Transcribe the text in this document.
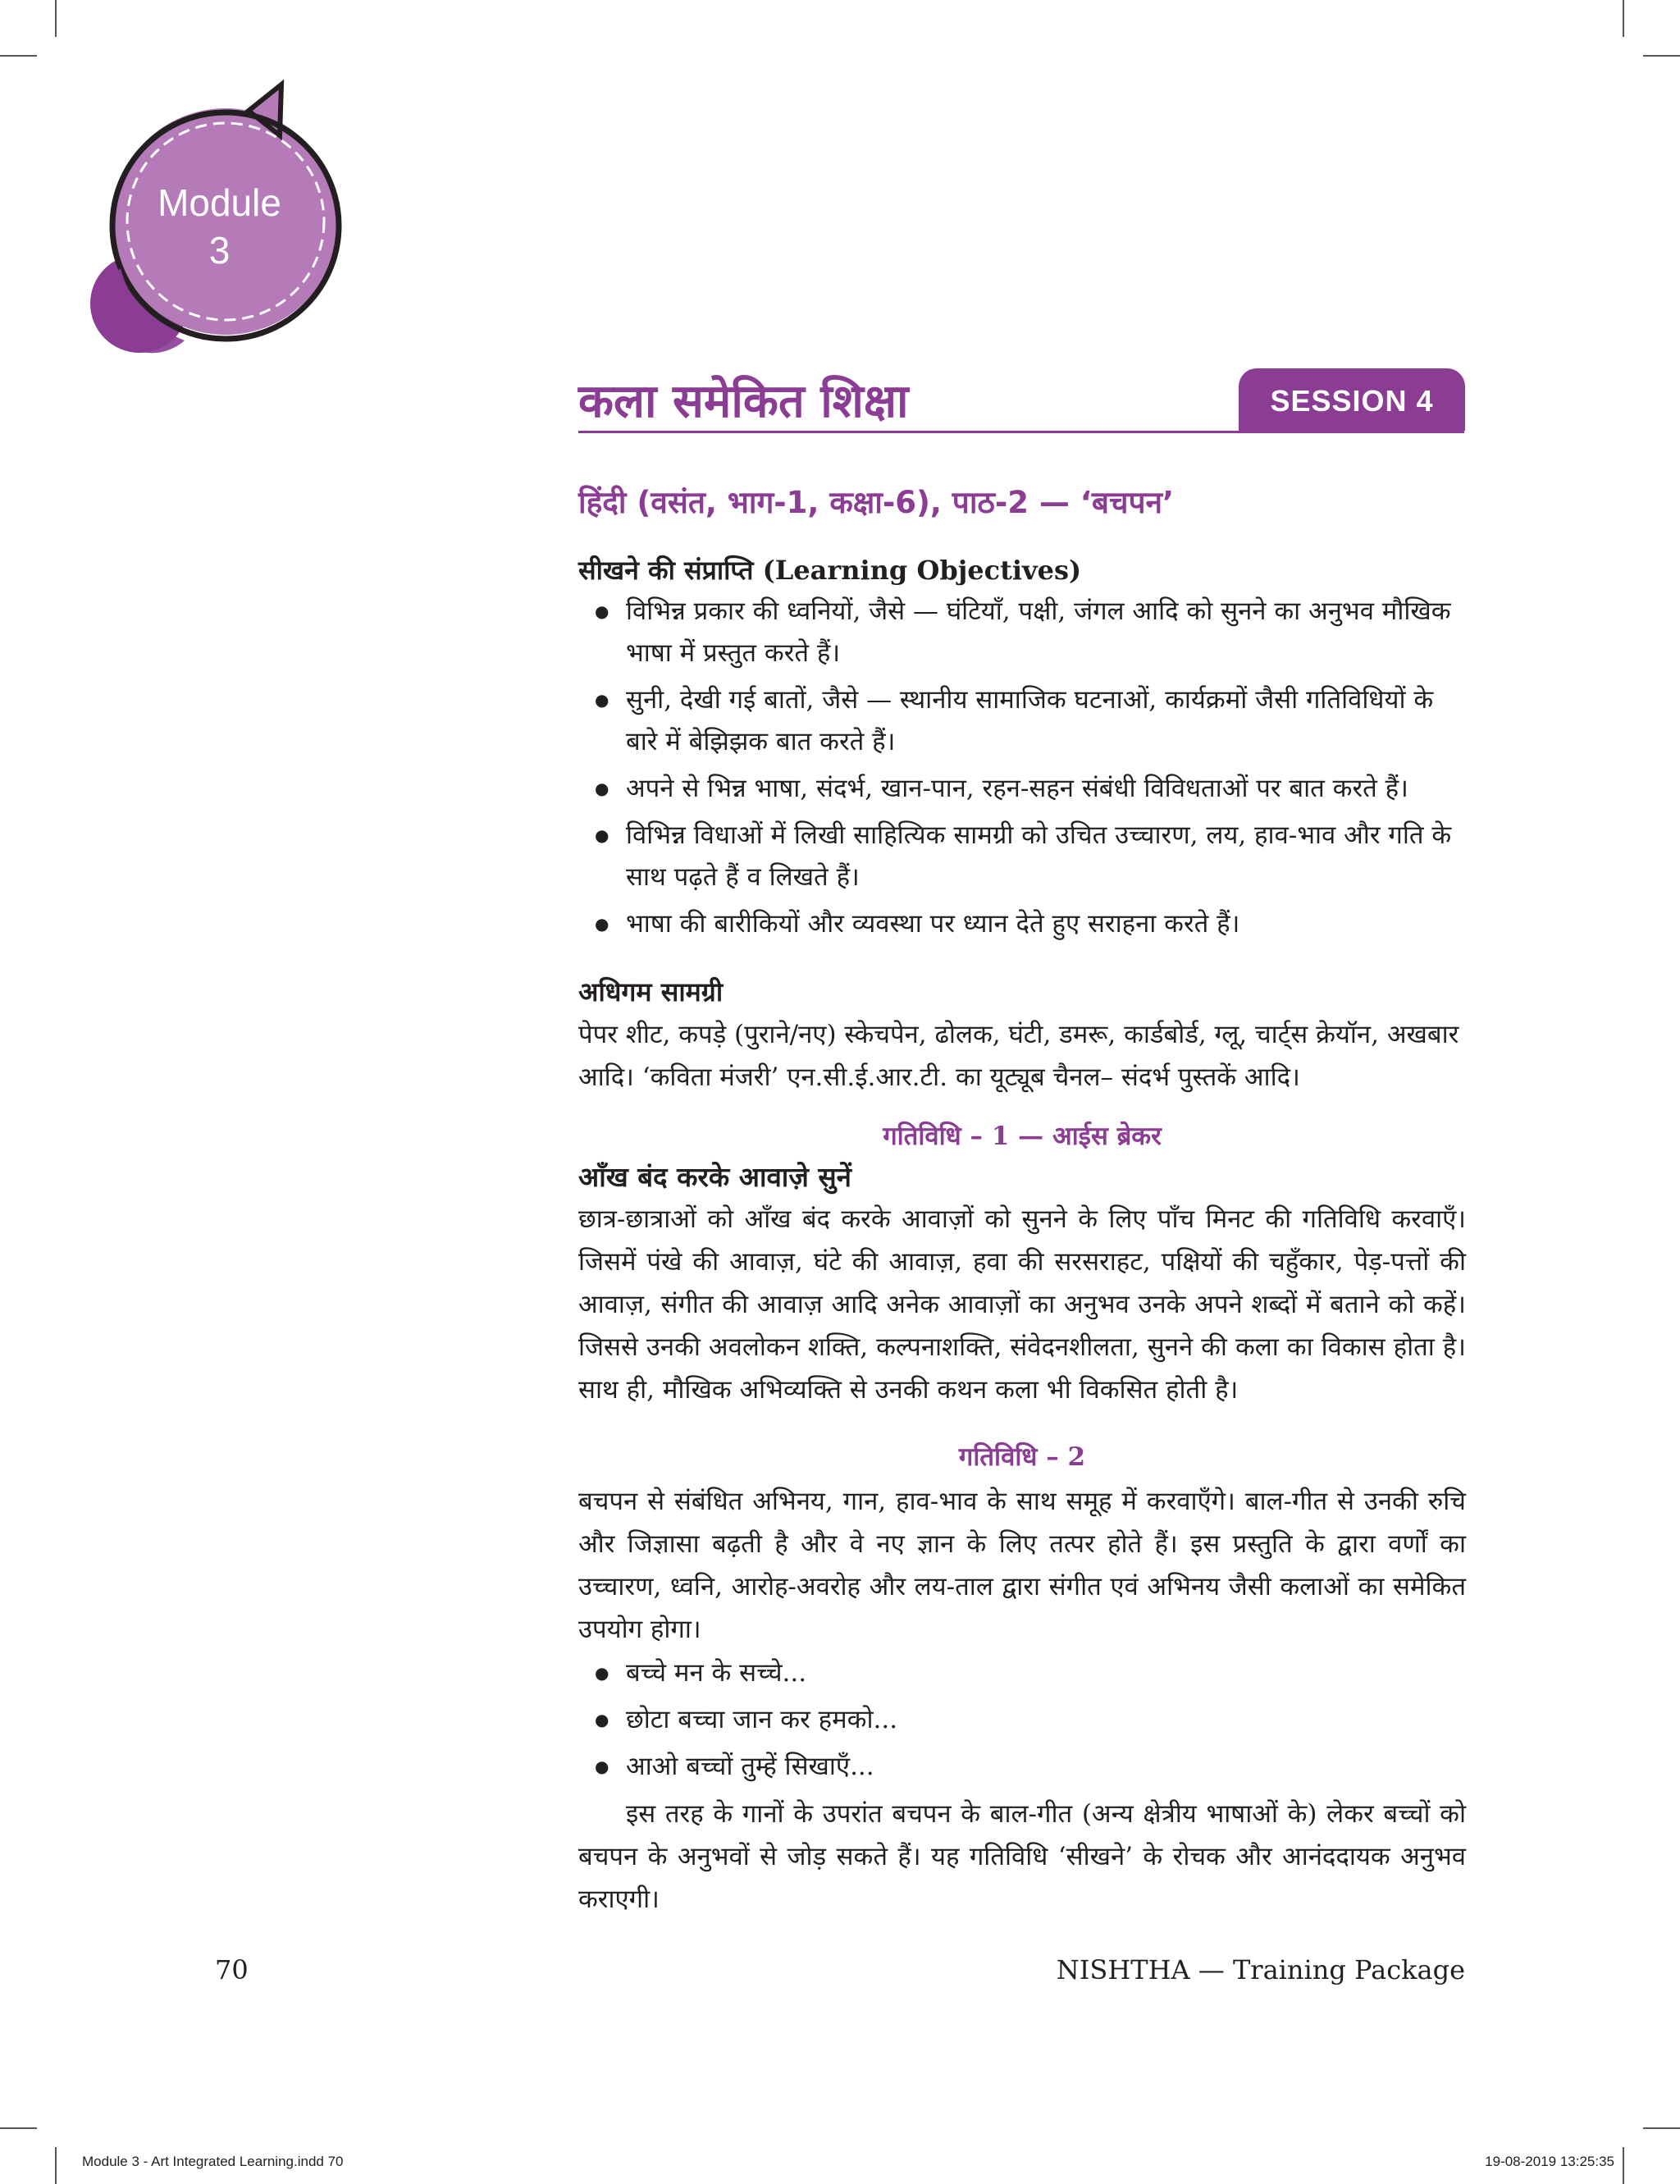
Module
3
कला समेकित शिक्षा	SESSION 4
हिंदी (वसंत, भाग-1, कक्षा-6), पाठ-2 — ‘बचपन’
सीखने की संप्राप्ति (Learning Objectives)
● विभिन्न प्रकार की ध्वनियों, जैसे — घंटियाँ, पक्षी, जंगल आदि को सुनने का अनुभव मौखिक भाषा में प्रस्तुत करते हैं।
● सुनी, देखी गई बातों, जैसे — स्थानीय सामाजिक घटनाओं, कार्यक्रमों जैसी गतिविधियों के बारे में बेझिझक बात करते हैं।
● अपने से भिन्न भाषा, संदर्भ, खान-पान, रहन-सहन संबंधी विविधताओं पर बात करते हैं।
● विभिन्न विधाओं में लिखी साहित्यिक सामग्री को उचित उच्चारण, लय, हाव-भाव और गति के साथ पढ़ते हैं व लिखते हैं।
● भाषा की बारीकियों और व्यवस्था पर ध्यान देते हुए सराहना करते हैं।
अधिगम सामग्री
पेपर शीट, कपड़े (पुराने/नए) स्केचपेन, ढोलक, घंटी, डमरू, कार्डबोर्ड, ग्लू, चार्ट्स क्रेयॉन, अखबार आदि। ‘कविता मंजरी’ एन.सी.ई.आर.टी. का यूट्यूब चैनल– संदर्भ पुस्तकें आदि।
गतिविधि – 1 — आईस ब्रेकर
आँख बंद करके आवाज़े सुनें
छात्र-छात्राओं को आँख बंद करके आवाज़ों को सुनने के लिए पाँच मिनट की गतिविधि करवाएँ। जिसमें पंखे की आवाज़, घंटे की आवाज़, हवा की सरसराहट, पक्षियों की चहुँकार, पेड़-पत्तों की आवाज़, संगीत की आवाज़ आदि अनेक आवाज़ों का अनुभव उनके अपने शब्दों में बताने को कहें। जिससे उनकी अवलोकन शक्ति, कल्पनाशक्ति, संवेदनशीलता, सुनने की कला का विकास होता है। साथ ही, मौखिक अभिव्यक्ति से उनकी कथन कला भी विकसित होती है।
गतिविधि – 2
बचपन से संबंधित अभिनय, गान, हाव-भाव के साथ समूह में करवाएँगे। बाल-गीत से उनकी रुचि और जिज्ञासा बढ़ती है और वे नए ज्ञान के लिए तत्पर होते हैं। इस प्रस्तुति के द्वारा वर्णों का उच्चारण, ध्वनि, आरोह-अवरोह और लय-ताल द्वारा संगीत एवं अभिनय जैसी कलाओं का समेकित उपयोग होगा।
● बच्चे मन के सच्चे...
● छोटा बच्चा जान कर हमको...
● आओ बच्चों तुम्हें सिखाएँ...
इस तरह के गानों के उपरांत बचपन के बाल-गीत (अन्य क्षेत्रीय भाषाओं के) लेकर बच्चों को बचपन के अनुभवों से जोड़ सकते हैं। यह गतिविधि ‘सीखने’ के रोचक और आनंददायक अनुभव कराएगी।
70	NISHTHA — Training Package
Module 3 - Art Integrated Learning.indd 70	19-08-2019 13:25:35
